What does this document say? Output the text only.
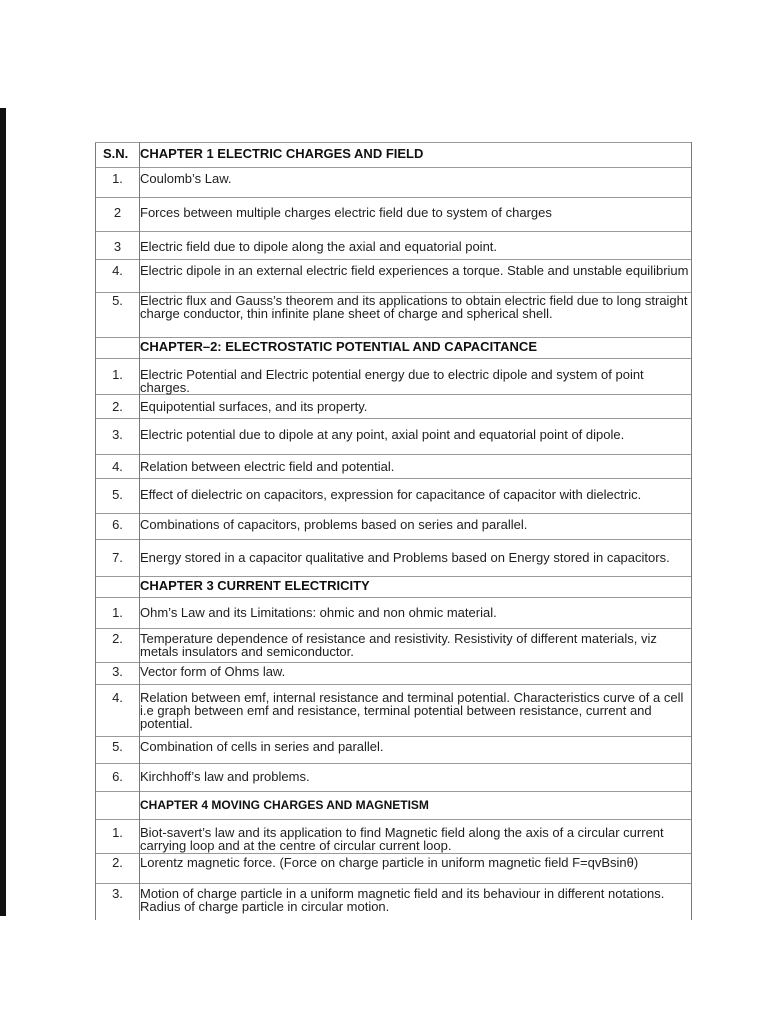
S.N.	CHAPTER 1 ELECTRIC CHARGES AND FIELD

1.	Coulomb’s Law.

2	Forces between multiple charges electric field due to system of charges

3	Electric field due to dipole along the axial and equatorial point.

4.	Electric dipole in an external electric field experiences a torque. Stable and unstable equilibrium

5.	Electric flux and Gauss’s theorem and its applications to obtain electric field due to long straight charge conductor, thin infinite plane sheet of charge and spherical shell.

	CHAPTER–2: ELECTROSTATIC POTENTIAL AND CAPACITANCE

1.	Electric Potential and Electric potential energy due to electric dipole and system of point charges.

2.	Equipotential surfaces, and its property.

3.	Electric potential due to dipole at any point, axial point and equatorial point of dipole.

4.	Relation between electric field and potential.

5.	Effect of dielectric on capacitors, expression for capacitance of capacitor with dielectric.

6.	Combinations of capacitors, problems based on series and parallel.

7.	Energy stored in a capacitor qualitative and Problems based on Energy stored in capacitors.

	CHAPTER 3 CURRENT ELECTRICITY

1.	Ohm’s Law and its Limitations: ohmic and non ohmic material.

2.	Temperature dependence of resistance and resistivity. Resistivity of different materials, viz metals insulators and semiconductor.

3.	Vector form of Ohms law.

4.	Relation between emf, internal resistance and terminal potential. Characteristics curve of a cell i.e graph between emf and resistance, terminal potential between resistance, current and potential.

5.	Combination of cells in series and parallel.

6.	Kirchhoff’s law and problems.

	CHAPTER 4 MOVING CHARGES AND MAGNETISM

1.	Biot-savert’s law and its application to find Magnetic field along the axis of a circular current carrying loop and at the centre of circular current loop.

2.	Lorentz magnetic force. (Force on charge particle in uniform magnetic field F=qvBsinθ)

3.	Motion of charge particle in a uniform magnetic field and its behaviour in different notations. Radius of charge particle in circular motion.
